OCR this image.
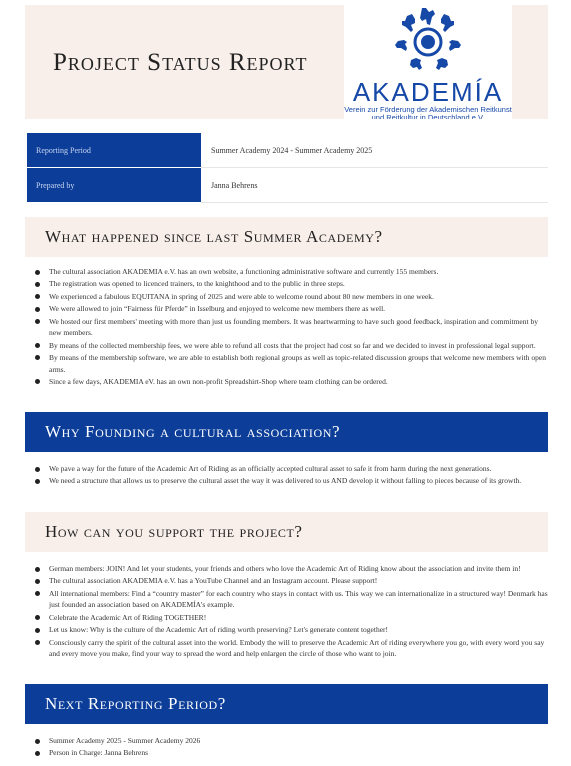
Project Status Report
AKADEMÍA
Verein zur Förderung der Akademischen Reitkunst
und Reitkultur in Deutschland e.V.
Reporting Period	Summer Academy 2024 - Summer Academy 2025
Prepared by	Janna Behrens
What happened since last Summer Academy?
The cultural association AKADEMIA e.V. has an own website, a functioning administrative software and currently 155 members.
The registration was opened to licenced trainers, to the knighthood and to the public in three steps.
We experienced a fabulous EQUITANA in spring of 2025 and were able to welcome round about 80 new members in one week.
We were allowed to join “Fairness für Pferde” in Isselburg and enjoyed to welcome new members there as well.
We hosted our first members' meeting with more than just us founding members. It was heartwarming to have such good feedback, inspiration and commitment by new members.
By means of the collected membership fees, we were able to refund all costs that the project had cost so far and we decided to invest in professional legal support.
By means of the membership software, we are able to establish both regional groups as well as topic-related discussion groups that welcome new members with open arms.
Since a few days, AKADEMIA eV. has an own non-profit Spreadshirt-Shop where team clothing can be ordered.
Why Founding a cultural association?
We pave a way for the future of the Academic Art of Riding as an officially accepted cultural asset to safe it from harm during the next generations.
We need a structure that allows us to preserve the cultural asset the way it was delivered to us AND develop it without falling to pieces because of its growth.
How can you support the project?
German members: JOIN! And let your students, your friends and others who love the Academic Art of Riding know about the association and invite them in!
The cultural association AKADEMIA e.V. has a YouTube Channel and an Instagram account. Please support!
All international members: Find a “country master” for each country who stays in contact with us. This way we can internationalize in a structured way! Denmark has just founded an association based on AKADEMÍA's example.
Celebrate the Academic Art of Riding TOGETHER!
Let us know: Why is the culture of the Academic Art of riding worth preserving? Let's generate content together!
Consciously carry the spirit of the cultural asset into the world. Embody the will to preserve the Academic Art of riding everywhere you go, with every word you say and every move you make, find your way to spread the word and help enlargen the circle of those who want to join.
Next Reporting Period?
Summer Academy 2025 - Summer Academy 2026
Person in Charge: Janna Behrens
